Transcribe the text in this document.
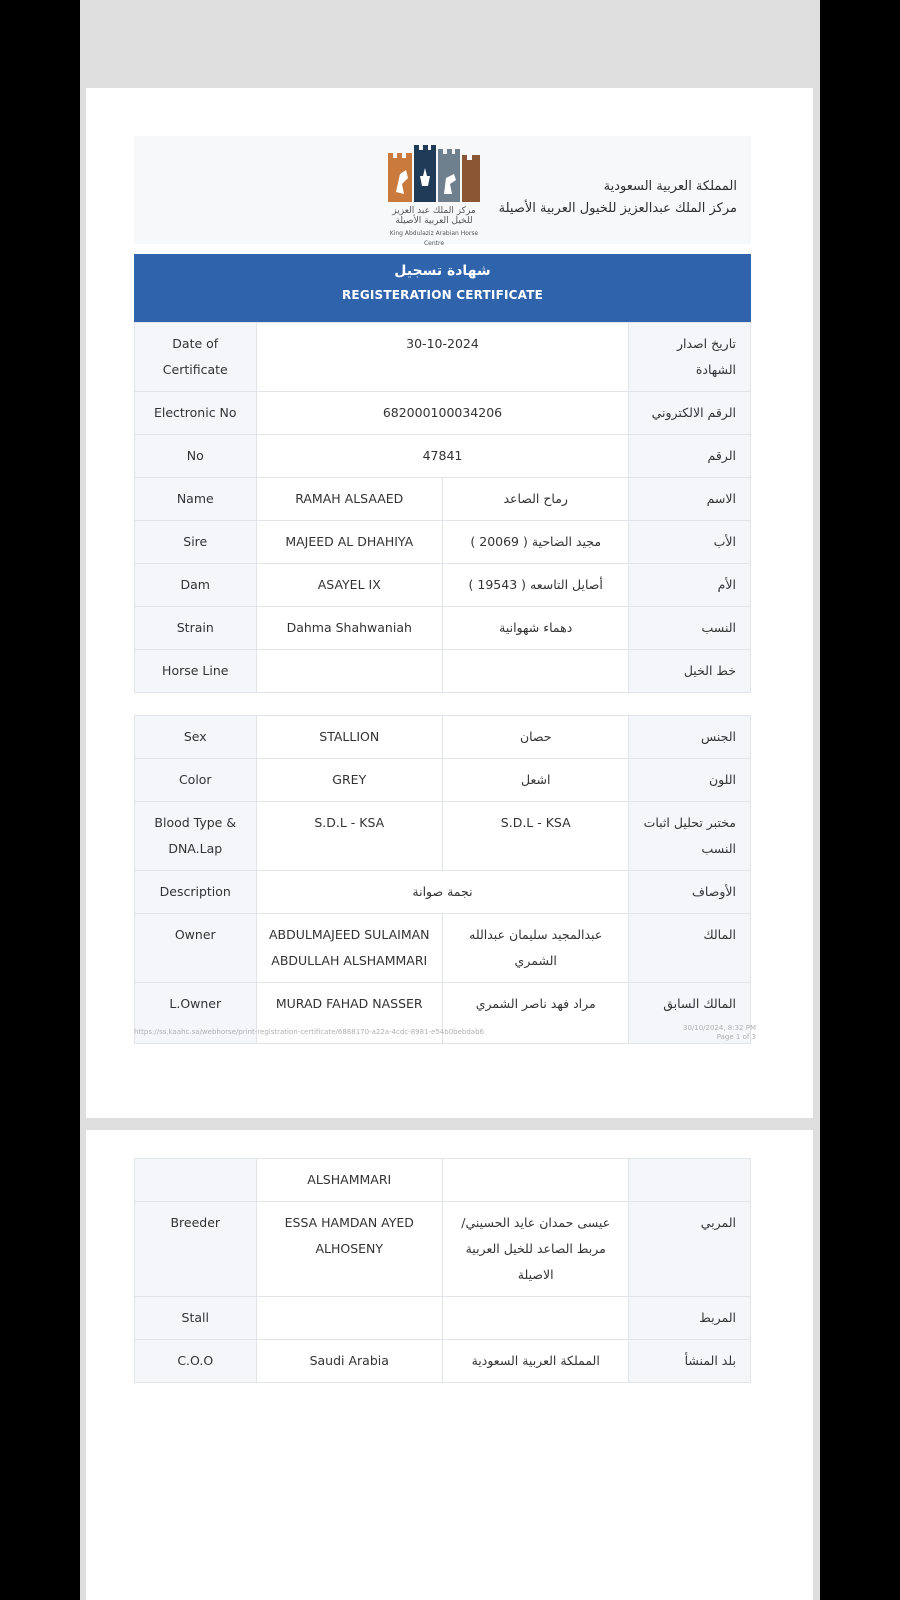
مركز الملك عبد العزيز للخيل العربية الأصيلة
King Abdulaziz Arabian Horse Centre
المملكة العربية السعودية
مركز الملك عبدالعزيز للخيول العربية الأصيلة
شهادة تسجيل
REGISTERATION CERTIFICATE
Date of Certificate	30-10-2024		تاريخ اصدار الشهادة
Electronic No	682000100034206		الرقم الالكتروني
No	47841		الرقم
Name	RAMAH ALSAAED	رماح الصاعد	الاسم
Sire	MAJEED AL DHAHIYA	مجيد الضاحية ( 20069 )	الأب
Dam	ASAYEL IX	أصايل التاسعه ( 19543 )	الأم
Strain	Dahma Shahwaniah	دهماء شهوانية	النسب
Horse Line			خط الخيل

Sex	STALLION	حصان	الجنس
Color	GREY	اشعل	اللون
Blood Type & DNA.Lap	S.D.L - KSA	S.D.L - KSA	مختبر تحليل اثبات النسب
Description	نجمة صوانة		الأوصاف
Owner	ABDULMAJEED SULAIMAN ABDULLAH ALSHAMMARI	عبدالمجيد سليمان عبدالله الشمري	المالك
L.Owner	MURAD FAHAD NASSER	مراد فهد ناصر الشمري	المالك السابق
https://ss.kaahc.sa/webhorse/print-registration-certificate/6888170-a22a-4cdc-8981-e54b0bebdab6	30/10/2024, 8:32 PM
Page 1 of 3
	ALSHAMMARI		
Breeder	ESSA HAMDAN AYED ALHOSENY	عيسى حمدان عايد الحسيني/ مربط الصاعد للخيل العربية الاصيلة	المربي
Stall			المربط
C.O.O	Saudi Arabia	المملكة العربية السعودية	بلد المنشأ
حراج
